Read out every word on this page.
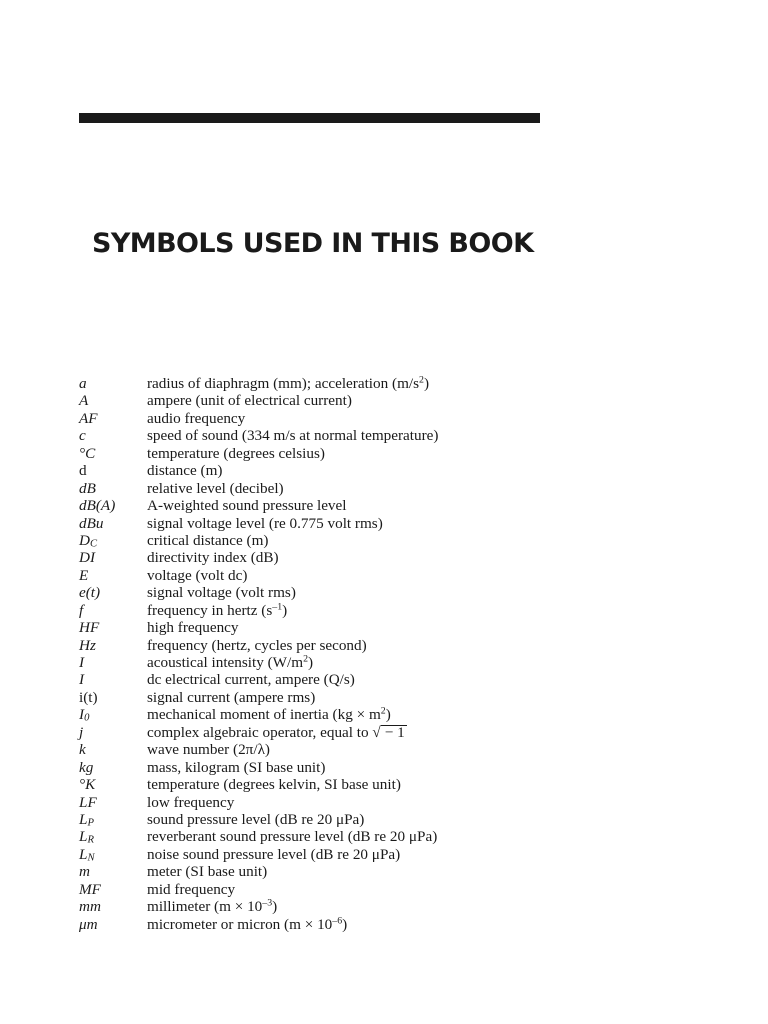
SYMBOLS USED IN THIS BOOK
a	radius of diaphragm (mm); acceleration $(m/s^2)$
A	ampere (unit of electrical current)
AF	audio frequency
c	speed of sound (334 m/s at normal temperature)
°C	temperature (degrees celsius)
d	distance (m)
dB	relative level (decibel)
dB(A)	A-weighted sound pressure level
dBu	signal voltage level (re 0.775 volt rms)
$D_C$	critical distance (m)
DI	directivity index (dB)
E	voltage (volt dc)
e(t)	signal voltage (volt rms)
f	frequency in hertz $(s^{-1})$
HF	high frequency
Hz	frequency (hertz, cycles per second)
I	acoustical intensity $(W/m^2)$
I	dc electrical current, ampere (Q/s)
i(t)	signal current (ampere rms)
$I_0$	mechanical moment of inertia $(kg \times m^2)$
j	complex algebraic operator, equal to √ − 1
k	wave number (2π/λ)
kg	mass, kilogram (SI base unit)
°K	temperature (degrees kelvin, SI base unit)
LF	low frequency
$L_P$	sound pressure level (dB re 20 μPa)
$L_R$	reverberant sound pressure level (dB re 20 μPa)
$L_N$	noise sound pressure level (dB re 20 μPa)
m	meter (SI base unit)
MF	mid frequency
mm	millimeter $(m \times 10^{-3})$
μm	micrometer or micron $(m \times 10^{-6})$
